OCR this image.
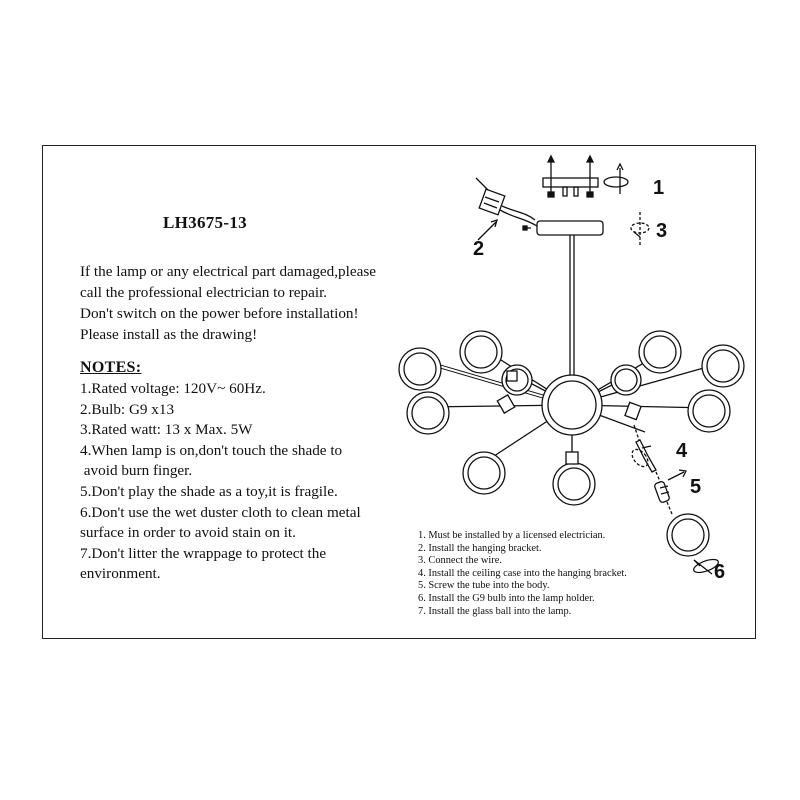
LH3675-13
If the lamp or any electrical part damaged,please
call the professional electrician to repair.
Don't switch on the power before installation!
Please install as the drawing!
NOTES:
1.Rated voltage: 120V~ 60Hz.
2.Bulb: G9 x13
3.Rated watt: 13 x Max. 5W
4.When lamp is on,don't touch the shade to
avoid burn finger.
5.Don't play the shade as a toy,it is fragile.
6.Don't use the wet duster cloth to clean metal
surface in order to avoid stain on it.
7.Don't litter the wrappage to protect the
environment.
1. Must be installed by a licensed electrician.
2. Install the hanging bracket.
3. Connect the wire.
4. Install the ceiling case into the hanging bracket.
5. Screw the tube into the body.
6. Install the G9 bulb into the lamp holder.
7. Install the glass ball into the lamp.
1
2
3
4
5
6
